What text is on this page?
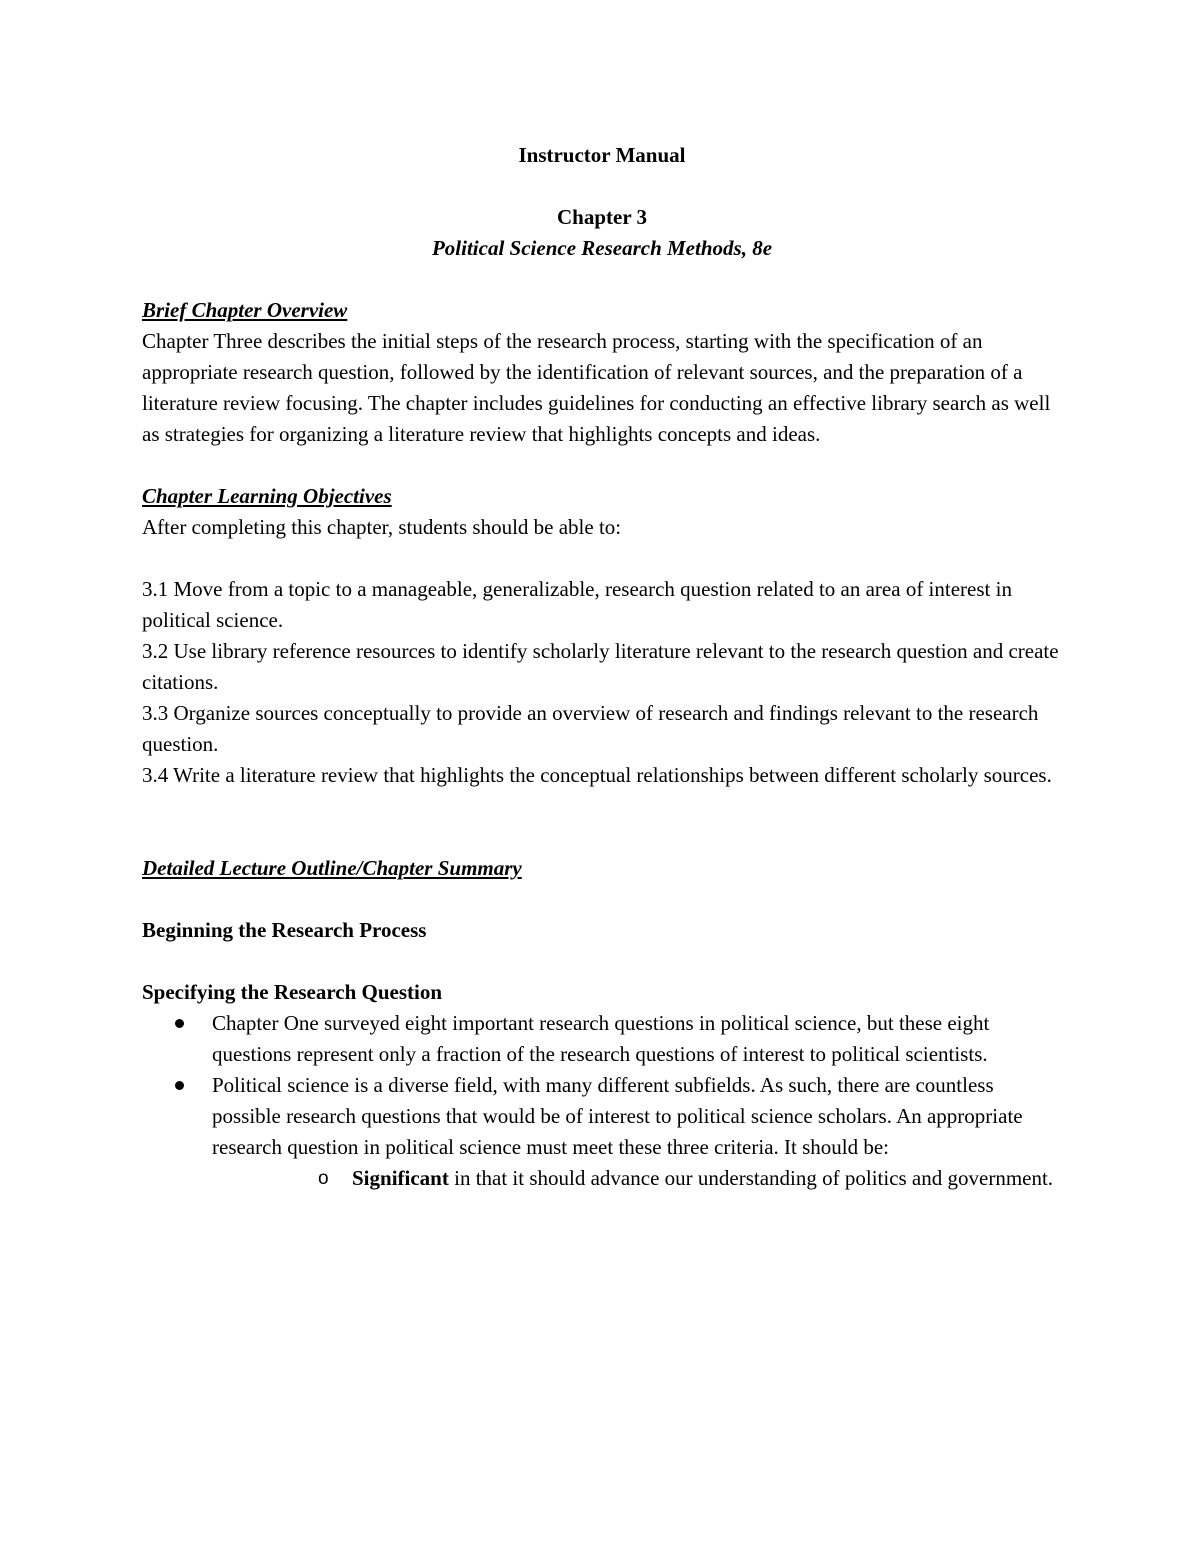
Instructor Manual

Chapter 3

Political Science Research Methods, 8e

Brief Chapter Overview

Chapter Three describes the initial steps of the research process, starting with the specification of an appropriate research question, followed by the identification of relevant sources, and the preparation of a literature review focusing. The chapter includes guidelines for conducting an effective library search as well as strategies for organizing a literature review that highlights concepts and ideas.

Chapter Learning Objectives

After completing this chapter, students should be able to:

3.1 Move from a topic to a manageable, generalizable, research question related to an area of interest in political science.

3.2 Use library reference resources to identify scholarly literature relevant to the research question and create citations.

3.3 Organize sources conceptually to provide an overview of research and findings relevant to the research question.

3.4 Write a literature review that highlights the conceptual relationships between different scholarly sources.

Detailed Lecture Outline/Chapter Summary

Beginning the Research Process

Specifying the Research Question

Chapter One surveyed eight important research questions in political science, but these eight questions represent only a fraction of the research questions of interest to political scientists.
Political science is a diverse field, with many different subfields. As such, there are countless possible research questions that would be of interest to political science scholars. An appropriate research question in political science must meet these three criteria. It should be:
o Significant in that it should advance our understanding of politics and government.
